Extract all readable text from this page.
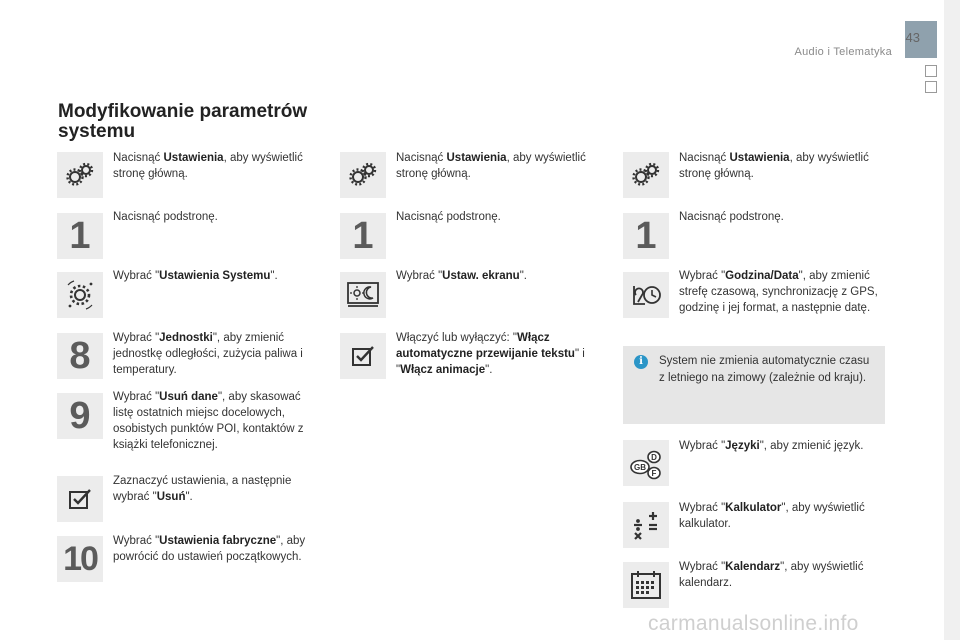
43
Audio i Telematyka
Modyfikowanie parametrów systemu
Nacisnąć Ustawienia, aby wyświetlić stronę główną.
1	Nacisnąć podstronę.
Wybrać "Ustawienia Systemu".
8	Wybrać "Jednostki", aby zmienić jednostkę odległości, zużycia paliwa i temperatury.
9	Wybrać "Usuń dane", aby skasować listę ostatnich miejsc docelowych, osobistych punktów POI, kontaktów z książki telefonicznej.
Zaznaczyć ustawienia, a następnie wybrać "Usuń".
10	Wybrać "Ustawienia fabryczne", aby powrócić do ustawień początkowych.
Nacisnąć Ustawienia, aby wyświetlić stronę główną.
1	Nacisnąć podstronę.
Wybrać "Ustaw. ekranu".
Włączyć lub wyłączyć: "Włącz automatyczne przewijanie tekstu" i "Włącz animacje".
Nacisnąć Ustawienia, aby wyświetlić stronę główną.
1	Nacisnąć podstronę.
Wybrać "Godzina/Data", aby zmienić strefę czasową, synchronizację z GPS, godzinę i jej format, a następnie datę.
i	System nie zmienia automatycznie czasu z letniego na zimowy (zależnie od kraju).
GB
D
F
Wybrać "Języki", aby zmienić język.
Wybrać "Kalkulator", aby wyświetlić kalkulator.
Wybrać "Kalendarz", aby wyświetlić kalendarz.
carmanualsonline.info
